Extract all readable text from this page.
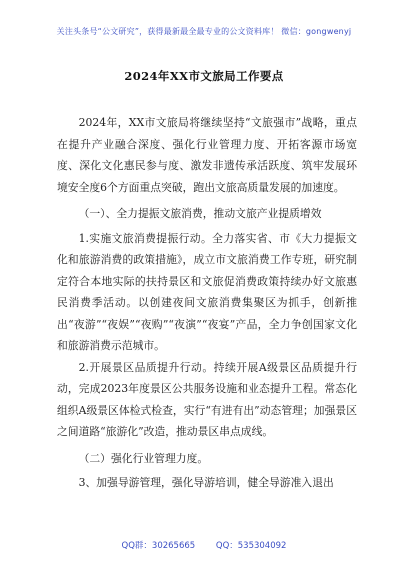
关注头条号“公文研究”，获得最新最全最专业的公文资料库！ 微信：gongwenyj
2024年XX市文旅局工作要点

2024年，XX市文旅局将继续坚持“文旅强市”战略，重点在提升产业融合深度、强化行业管理力度、开拓客源市场宽度、深化文化惠民参与度、激发非遗传承活跃度、筑牢发展环境安全度6个方面重点突破，跑出文旅高质量发展的加速度。

（一）、全力提振文旅消费，推动文旅产业提质增效

1.实施文旅消费提振行动。全力落实省、市《大力提振文化和旅游消费的政策措施》，成立市文旅消费工作专班，研究制定符合本地实际的扶持景区和文旅促消费政策持续办好文旅惠民消费季活动。以创建夜间文旅消费集聚区为抓手，创新推出“夜游”“夜娱”“夜购”“夜演”“夜宴”产品，全力争创国家文化和旅游消费示范城市。

2.开展景区品质提升行动。持续开展A级景区品质提升行动，完成2023年度景区公共服务设施和业态提升工程。常态化组织A级景区体检式检查，实行“有进有出”动态管理；加强景区之间道路“旅游化”改造，推动景区串点成线。

（二）强化行业管理力度。

3、加强导游管理，强化导游培训，健全导游准入退出

QQ群：30265665 QQ：535304092
